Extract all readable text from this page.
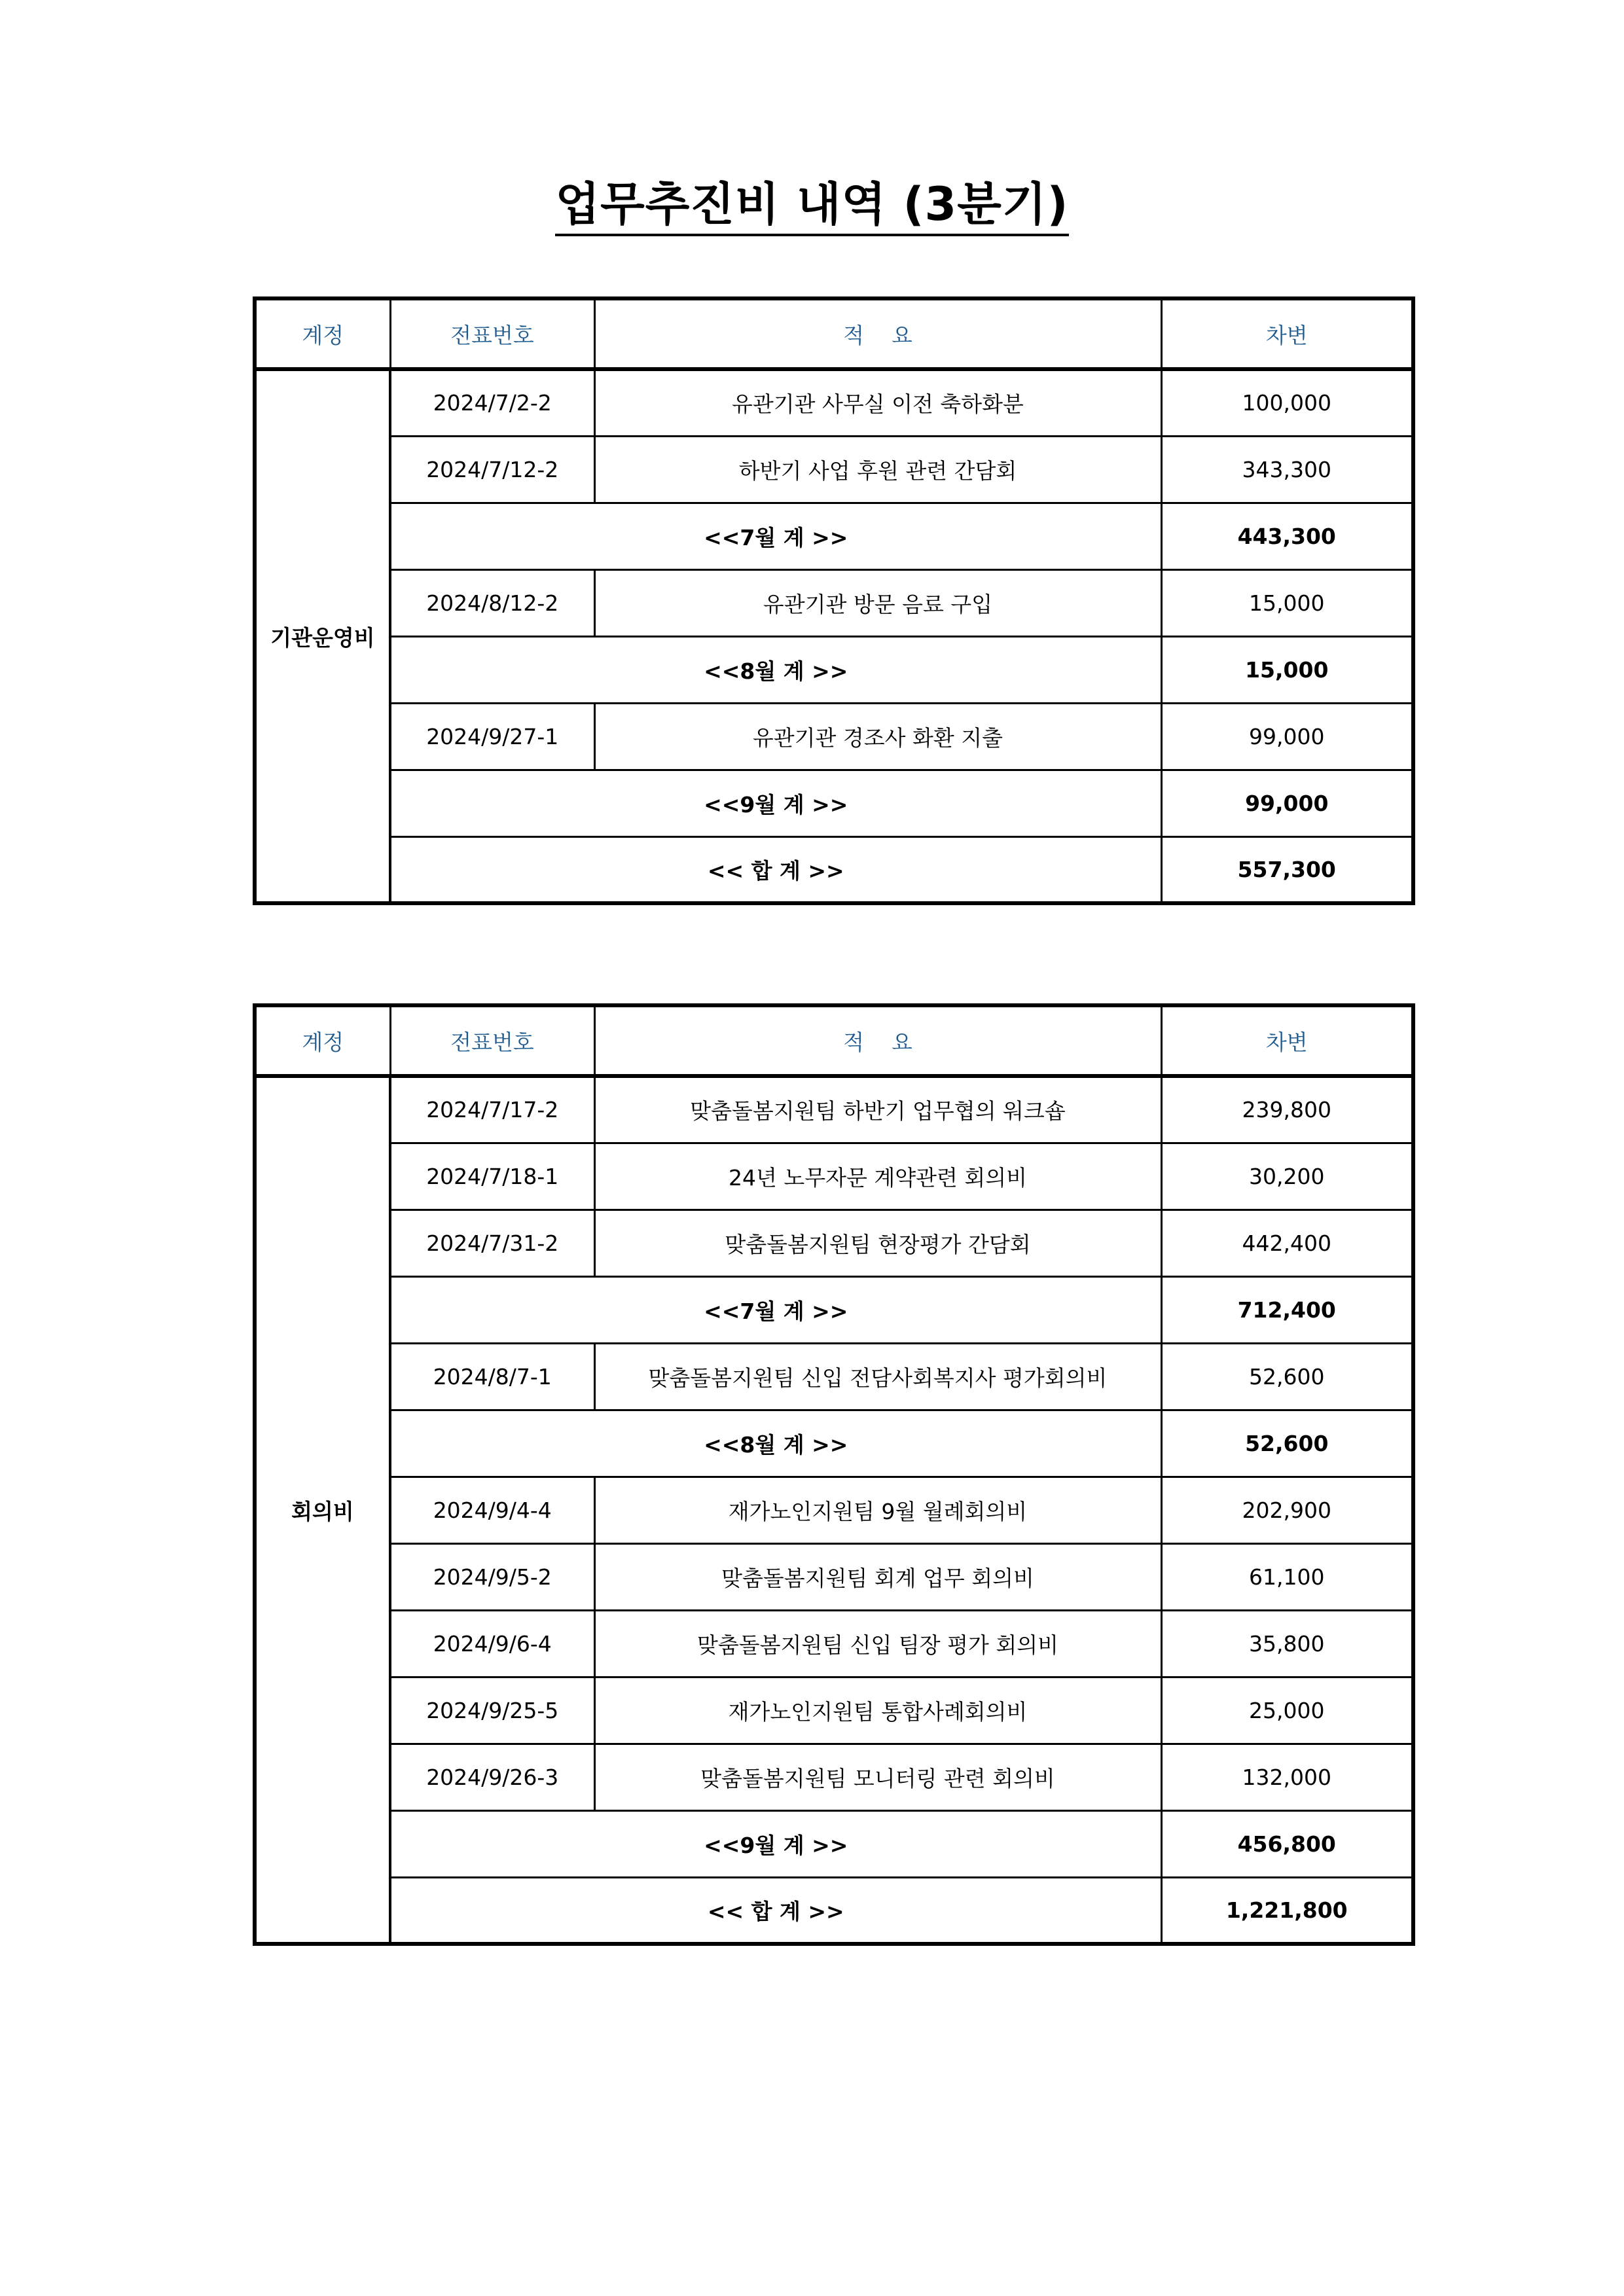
업무추진비 내역 (3분기)
계정	전표번호	적    요	차변
기관운영비	2024/7/2-2	유관기관 사무실 이전 축하화분	100,000
	2024/7/12-2	하반기 사업 후원 관련 간담회	343,300
	<<7월 계 >>		443,300
	2024/8/12-2	유관기관 방문 음료 구입	15,000
	<<8월 계 >>		15,000
	2024/9/27-1	유관기관 경조사 화환 지출	99,000
	<<9월 계 >>		99,000
	<< 합 계 >>		557,300
계정	전표번호	적    요	차변
회의비	2024/7/17-2	맞춤돌봄지원팀 하반기 업무협의 워크숍	239,800
	2024/7/18-1	24년 노무자문 계약관련 회의비	30,200
	2024/7/31-2	맞춤돌봄지원팀 현장평가 간담회	442,400
	<<7월 계 >>		712,400
	2024/8/7-1	맞춤돌봄지원팀 신입 전담사회복지사 평가회의비	52,600
	<<8월 계 >>		52,600
	2024/9/4-4	재가노인지원팀 9월 월례회의비	202,900
	2024/9/5-2	맞춤돌봄지원팀 회계 업무 회의비	61,100
	2024/9/6-4	맞춤돌봄지원팀 신입 팀장 평가 회의비	35,800
	2024/9/25-5	재가노인지원팀 통합사례회의비	25,000
	2024/9/26-3	맞춤돌봄지원팀 모니터링 관련 회의비	132,000
	<<9월 계 >>		456,800
	<< 합 계 >>		1,221,800
